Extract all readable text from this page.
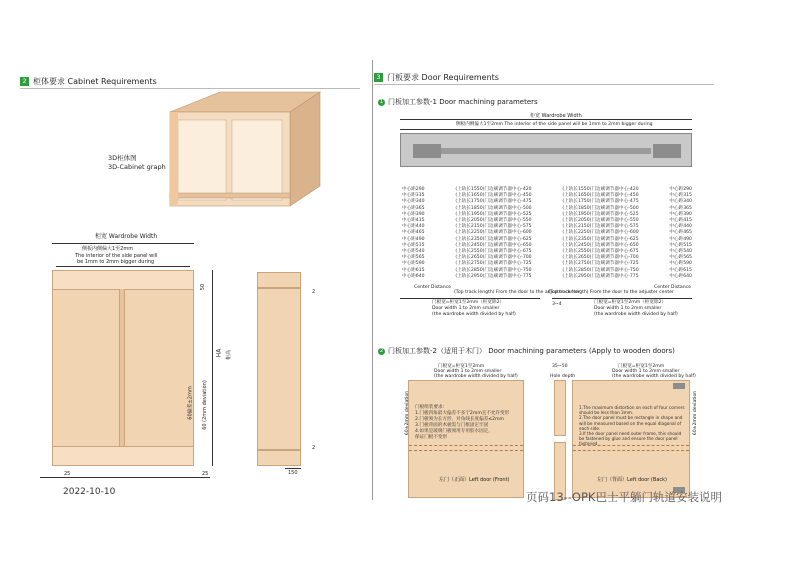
2 柜体要求 Cabinet Requirements
3D柜体图
3D-Cabinet graph
柜宽 Wardrobe Width
侧板内侧偏大1至2mm
The interior of the side panel will
be 1mm to 2mm bigger during
50
HA 柜高
60偏差±2mm 60 (2mm deviation)
25	25
2
2
150
2022-10-10
3 门板要求 Door Requirements
1 门板加工参数-1 Door machining parameters
柜宽 Wardrobe Width
侧板内侧偏大1至2mm The interior of the side panel will be 1mm to 2mm bigger during
中心距290	(上轨长1550)门边刷调节器中心-420	(上轨长1550)门边刷调节器中心-420	中心距290
中心距315	(上轨长1650)门边刷调节器中心-450	(上轨长1650)门边刷调节器中心-450	中心距315
中心距340	(上轨长1750)门边刷调节器中心-475	(上轨长1750)门边刷调节器中心-475	中心距340
中心距365	(上轨长1850)门边刷调节器中心-500	(上轨长1850)门边刷调节器中心-500	中心距365
中心距390	(上轨长1950)门边刷调节器中心-525	(上轨长1950)门边刷调节器中心-525	中心距390
中心距415	(上轨长2050)门边刷调节器中心-550	(上轨长2050)门边刷调节器中心-550	中心距415
中心距440	(上轨长2150)门边刷调节器中心-575	(上轨长2150)门边刷调节器中心-575	中心距440
中心距465	(上轨长2250)门边刷调节器中心-600	(上轨长2250)门边刷调节器中心-600	中心距465
中心距490	(上轨长2350)门边刷调节器中心-625	(上轨长2350)门边刷调节器中心-625	中心距490
中心距515	(上轨长2450)门边刷调节器中心-650	(上轨长2450)门边刷调节器中心-650	中心距515
中心距540	(上轨长2550)门边刷调节器中心-675	(上轨长2550)门边刷调节器中心-675	中心距540
中心距565	(上轨长2650)门边刷调节器中心-700	(上轨长2650)门边刷调节器中心-700	中心距565
中心距590	(上轨长2750)门边刷调节器中心-725	(上轨长2750)门边刷调节器中心-725	中心距590
中心距615	(上轨长2850)门边刷调节器中心-750	(上轨长2850)门边刷调节器中心-750	中心距615
中心距640	(上轨长2950)门边刷调节器中心-775	(上轨长2950)门边刷调节器中心-775	中心距640
Center Distance	Center Distance
(Top track length) From the door to the adjuster center
(Top track length) From the door to the adjuster center
门板宽=柜宽1至2mm（柜宽除2）
Door width 1 to 2mm smaller
(the wardrobe width divided by half)
3~4	门板宽=柜宽1至2mm（柜宽除2）
Door width 1 to 2mm smaller
(the wardrobe width divided by half)
2 门板加工参数-2（适用于木门） Door machining parameters (Apply to wooden doors)
门板宽=柜宽1至2mm
Door width 1 to 2mm smaller
(the wardrobe width divided by half)
门板组装要求:
1.门板四角最大偏差不多于2mm且不允许变形
2.门板须为长方形，对角线长度偏差≤2mm
3.门板背面的木板需与门框固定牢固
4.如果是玻璃门板须用专用胶水固定，
保证门板不变形
左门（正面）Left door (Front)
60±2mm deviation
35~50
Hole depth
门板宽=柜宽1至2mm
Door width 1 to 2mm smaller
(the wardrobe width divided by half)
1.The maximum distortion on each of four corners should be less than 3mm.
2.The door panel must be rectangle in shape and will be measured based on the equal diagonal of each side.
3.If the door panel need outer frame, this should be fastened by glue and ensure the door panel fastened.
左门（背面）Left door (Back)
60±2mm deviation
页码13--OPK巴士平躺门轨道安装说明
